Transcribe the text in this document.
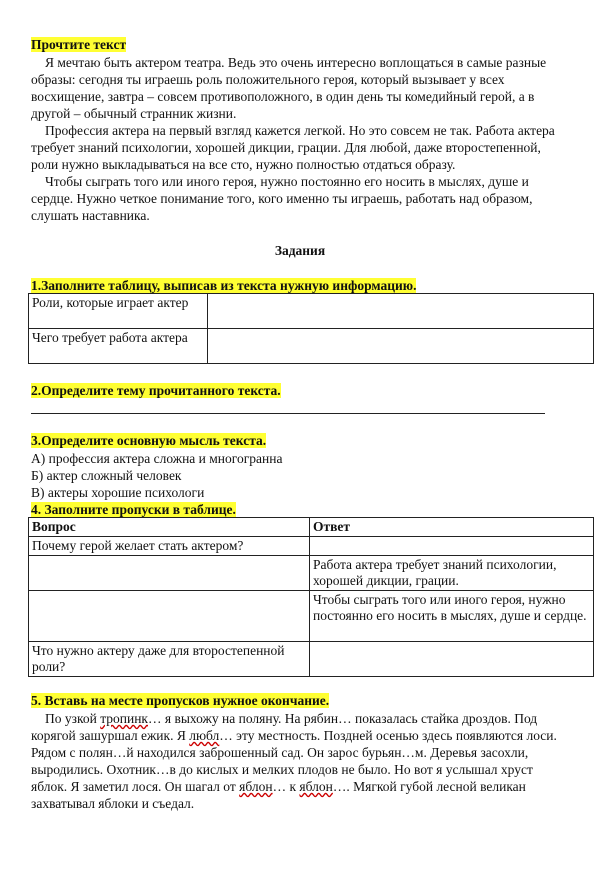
Прочтите текст

Я мечтаю быть актером театра. Ведь это очень интересно воплощаться в самые разные образы: сегодня ты играешь роль положительного героя, который вызывает у всех восхищение, завтра – совсем противоположного, в один день ты комедийный герой, а в другой – обычный странник жизни.

Профессия актера на первый взгляд кажется легкой. Но это совсем не так. Работа актера требует знаний психологии, хорошей дикции, грации. Для любой, даже второстепенной, роли нужно выкладываться на все сто, нужно полностью отдаться образу.

Чтобы сыграть того или иного героя, нужно постоянно его носить в мыслях, душе и сердце. Нужно четкое понимание того, кого именно ты играешь, работать над образом, слушать наставника.

Задания
1.Заполните таблицу, выписав из текста нужную информацию.
Роли, которые играет актер	
Чего требует работа актера	
2.Определите тему прочитанного текста.
3.Определите основную мысль текста.
А) профессия актера сложна и многогранна
Б) актер сложный человек
В) актеры хорошие психологи
4. Заполните пропуски в таблице.
Вопрос	Ответ
Почему герой желает стать актером?	
	Работа актера требует знаний психологии, хорошей дикции, грации.
	Чтобы сыграть того или иного героя, нужно постоянно его носить в мыслях, душе и сердце.
Что нужно актеру даже для второстепенной роли?	
5. Вставь на месте пропусков нужное окончание.
По узкой тропинк… я выхожу на поляну. На рябин… показалась стайка дроздов. Под корягой зашуршал ежик. Я любл… эту местность. Поздней осенью здесь появляются лоси. Рядом с полян…й находился заброшенный сад. Он зарос бурьян…м. Деревья засохли, выродились. Охотник…в до кислых и мелких плодов не было. Но вот я услышал хруст яблок. Я заметил лося. Он шагал от яблон… к яблон…. Мягкой губой лесной великан захватывал яблоки и съедал.
